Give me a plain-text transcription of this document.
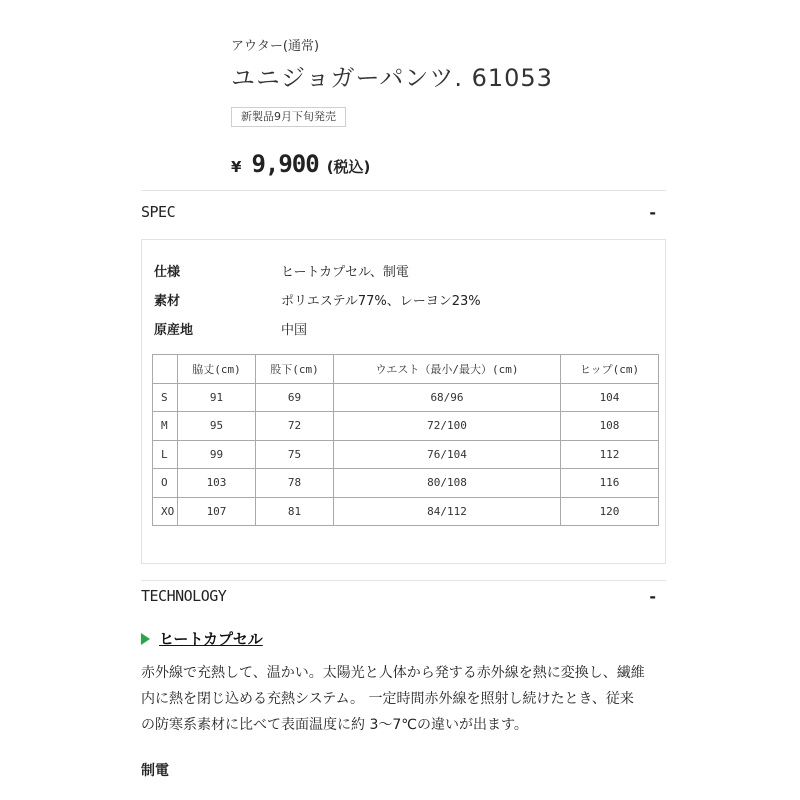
アウター(通常)
ユニジョガーパンツ. 61053
新製品9月下旬発売
¥ 9,900 (税込)
SPEC	-
仕様	ヒートカプセル、制電
素材	ポリエステル77%、レーヨン23%
原産地	中国
	脇丈(cm)	股下(cm)	ウエスト（最小/最大）(cm)	ヒップ(cm)
S	91	69	68/96	104
M	95	72	72/100	108
L	99	75	76/104	112
O	103	78	80/108	116
XO	107	81	84/112	120
TECHNOLOGY	-
ヒートカプセル
赤外線で充熱して、温かい。太陽光と人体から発する赤外線を熱に変換し、繊維
内に熱を閉じ込める充熱システム。 一定時間赤外線を照射し続けたとき、従来
の防寒系素材に比べて表面温度に約 3～7℃の違いが出ます。
制電
